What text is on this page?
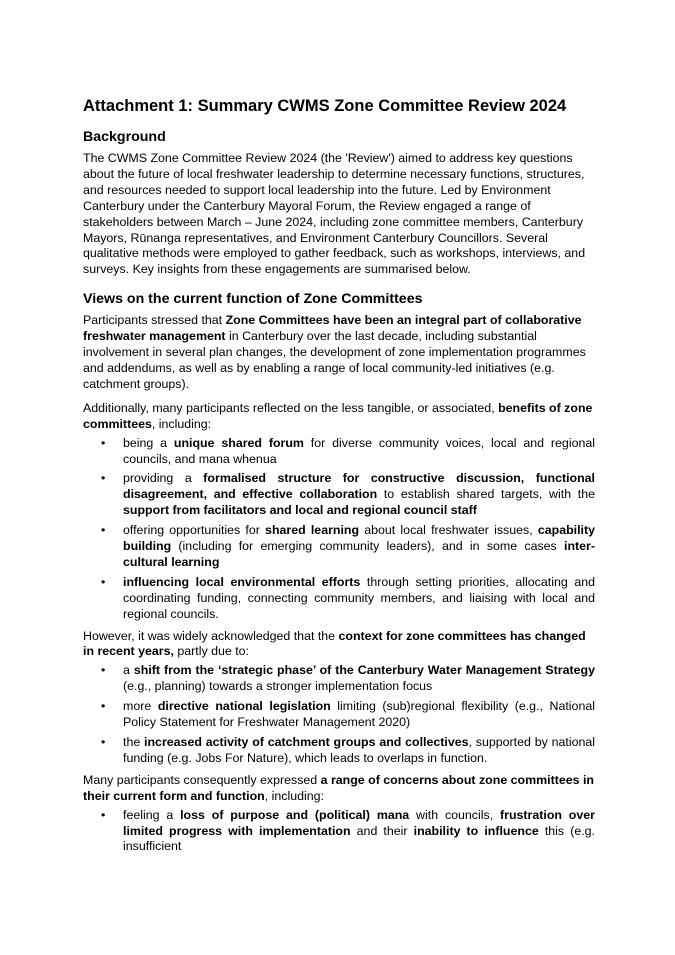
Attachment 1: Summary CWMS Zone Committee Review 2024
Background

The CWMS Zone Committee Review 2024 (the 'Review') aimed to address key questions about the future of local freshwater leadership to determine necessary functions, structures, and resources needed to support local leadership into the future. Led by Environment Canterbury under the Canterbury Mayoral Forum, the Review engaged a range of stakeholders between March – June 2024, including zone committee members, Canterbury Mayors, Rūnanga representatives, and Environment Canterbury Councillors. Several qualitative methods were employed to gather feedback, such as workshops, interviews, and surveys. Key insights from these engagements are summarised below.

Views on the current function of Zone Committees

Participants stressed that Zone Committees have been an integral part of collaborative freshwater management in Canterbury over the last decade, including substantial involvement in several plan changes, the development of zone implementation programmes and addendums, as well as by enabling a range of local community-led initiatives (e.g. catchment groups).

Additionally, many participants reflected on the less tangible, or associated, benefits of zone committees, including:

• being a unique shared forum for diverse community voices, local and regional councils, and mana whenua
• providing a formalised structure for constructive discussion, functional disagreement, and effective collaboration to establish shared targets, with the support from facilitators and local and regional council staff
• offering opportunities for shared learning about local freshwater issues, capability building (including for emerging community leaders), and in some cases inter-cultural learning
• influencing local environmental efforts through setting priorities, allocating and coordinating funding, connecting community members, and liaising with local and regional councils.

However, it was widely acknowledged that the context for zone committees has changed in recent years, partly due to:

• a shift from the ‘strategic phase’ of the Canterbury Water Management Strategy (e.g., planning) towards a stronger implementation focus
• more directive national legislation limiting (sub)regional flexibility (e.g., National Policy Statement for Freshwater Management 2020)
• the increased activity of catchment groups and collectives, supported by national funding (e.g. Jobs For Nature), which leads to overlaps in function.

Many participants consequently expressed a range of concerns about zone committees in their current form and function, including:

• feeling a loss of purpose and (political) mana with councils, frustration over limited progress with implementation and their inability to influence this (e.g. insufficient
